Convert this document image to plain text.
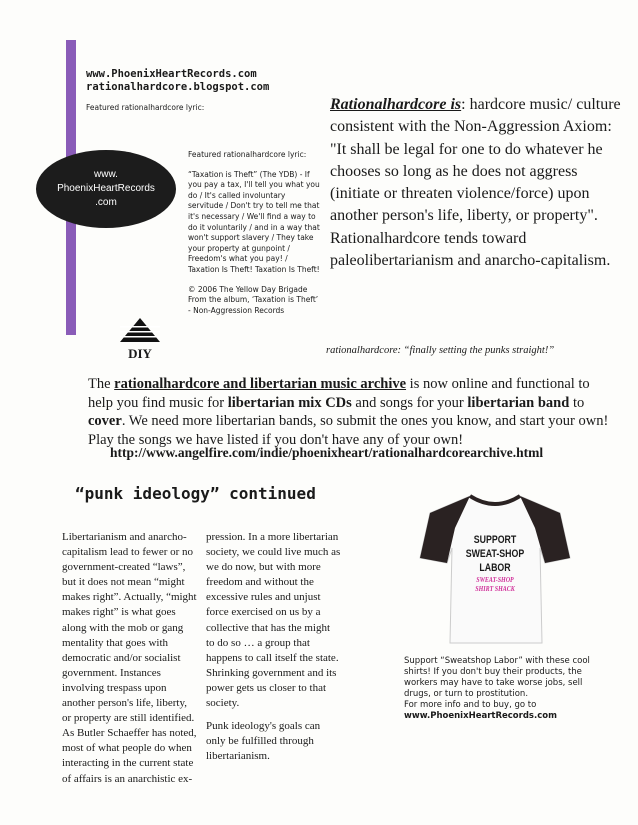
www.PhoenixHeartRecords.com
rationalhardcore.blogspot.com
Featured rationalhardcore lyric:
www.
PhoenixHeartRecords
.com

Featured rationalhardcore lyric:

“Taxation is Theft” (The YDB) - If you pay a tax, I'll tell you what you do / It's called involuntary servitude / Don't try to tell me that it's necessary / We'll find a way to do it voluntarily / and in a way that won't support slavery / They take your property at gunpoint / Freedom's what you pay! / Taxation Is Theft! Taxation Is Theft!

© 2006 The Yellow Day Brigade
From the album, ‘Taxation is Theft’ - Non-Aggression Records

DIY
Rationalhardcore is: hardcore music/ culture consistent with the Non-Aggression Axiom: "It shall be legal for one to do whatever he chooses so long as he does not aggress (initiate or threaten violence/force) upon another person's life, liberty, or property". Rationalhardcore tends toward paleolibertarianism and anarcho-capitalism.
rationalhardcore: “finally setting the punks straight!”
The rationalhardcore and libertarian music archive is now online and functional to help you find music for libertarian mix CDs and songs for your libertarian band to cover. We need more libertarian bands, so submit the ones you know, and start your own! Play the songs we have listed if you don't have any of your own!
http://www.angelfire.com/indie/phoenixheart/rationalhardcorearchive.html
“punk ideology” continued
Libertarianism and anarcho-capitalism lead to fewer or no government-created “laws”, but it does not mean “might makes right”. Actually, “might makes right” is what goes along with the mob or gang mentality that goes with democratic and/or socialist government. Instances involving trespass upon another person's life, liberty, or property are still identified. As Butler Schaeffer has noted, most of what people do when interacting in the current state of affairs is an anarchistic ex-
pression. In a more libertarian society, we could live much as we do now, but with more freedom and without the excessive rules and unjust force exercised on us by a collective that has the might to do so … a group that happens to call itself the state. Shrinking government and its power gets us closer to that society.
Punk ideology's goals can only be fulfilled through libertarianism.
SUPPORT
SWEAT-SHOP
LABOR
SWEAT-SHOP
SHIRT SHACK
Support “Sweatshop Labor” with these cool shirts! If you don't buy their products, the workers may have to take worse jobs, sell drugs, or turn to prostitution.
For more info and to buy, go to
www.PhoenixHeartRecords.com
